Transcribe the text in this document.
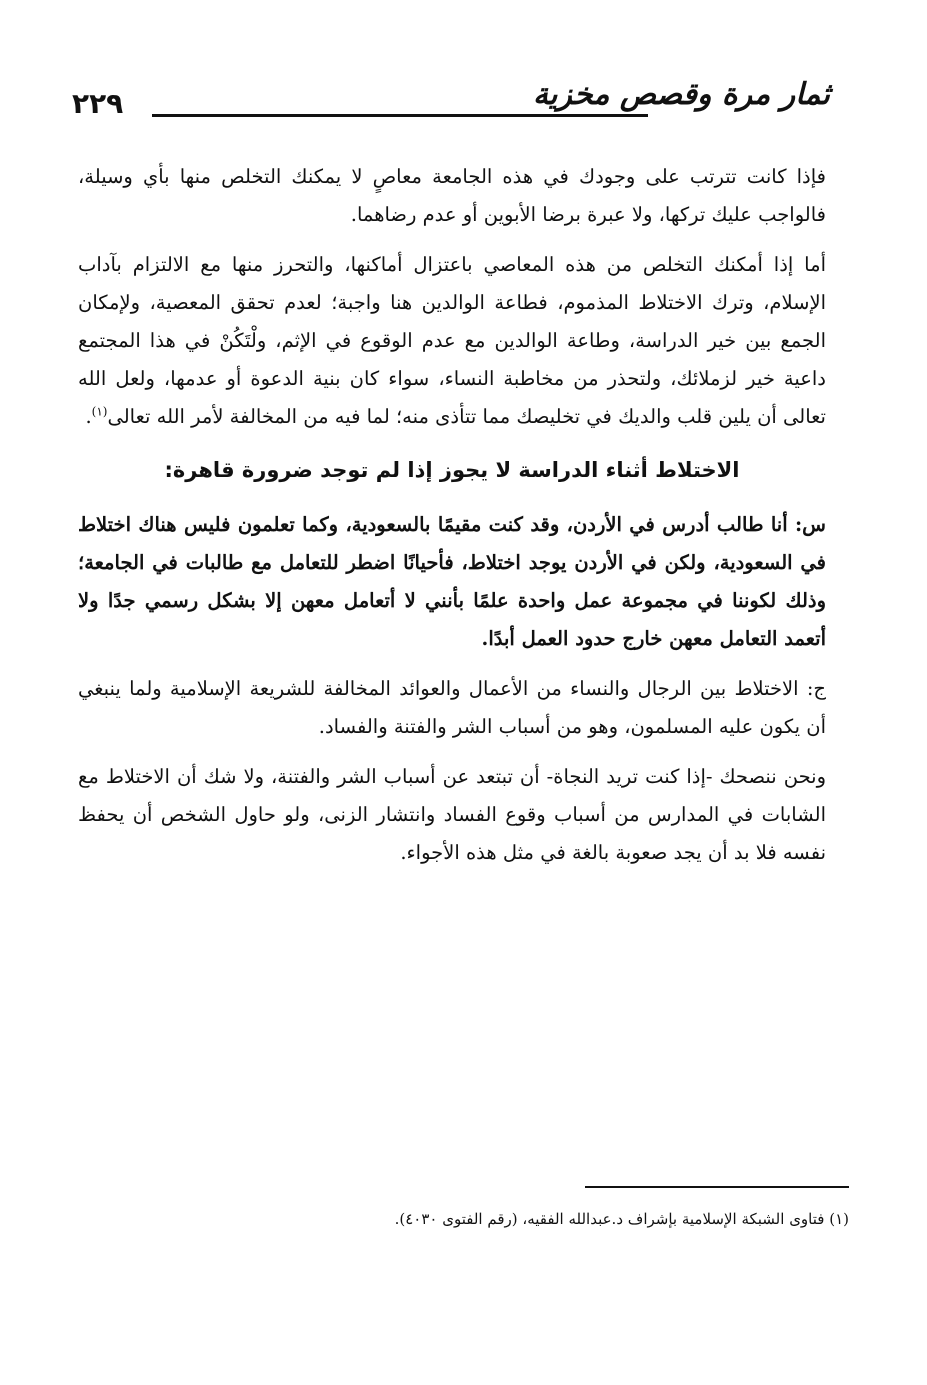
ثمار مرة وقصص مخزية
٢٢٩

فإذا كانت تترتب على وجودك في هذه الجامعة معاصٍ لا يمكنك التخلص منها بأي وسيلة، فالواجب عليك تركها، ولا عبرة برضا الأبوين أو عدم رضاهما.

أما إذا أمكنك التخلص من هذه المعاصي باعتزال أماكنها، والتحرز منها مع الالتزام بآداب الإسلام، وترك الاختلاط المذموم، فطاعة الوالدين هنا واجبة؛ لعدم تحقق المعصية، ولإمكان الجمع بين خير الدراسة، وطاعة الوالدين مع عدم الوقوع في الإثم، ولْتَكُنْ في هذا المجتمع داعية خير لزملائك، ولتحذر من مخاطبة النساء، سواء كان بنية الدعوة أو عدمها، ولعل الله تعالى أن يلين قلب والديك في تخليصك مما تتأذى منه؛ لما فيه من المخالفة لأمر الله تعالى$^{(١)}$.

الاختلاط أثناء الدراسة لا يجوز إذا لم توجد ضرورة قاهرة:

س: أنا طالب أدرس في الأردن، وقد كنت مقيمًا بالسعودية، وكما تعلمون فليس هناك اختلاط في السعودية، ولكن في الأردن يوجد اختلاط، فأحيانًا اضطر للتعامل مع طالبات في الجامعة؛ وذلك لكوننا في مجموعة عمل واحدة علمًا بأنني لا أتعامل معهن إلا بشكل رسمي جدًا ولا أتعمد التعامل معهن خارج حدود العمل أبدًا.

ج: الاختلاط بين الرجال والنساء من الأعمال والعوائد المخالفة للشريعة الإسلامية ولما ينبغي أن يكون عليه المسلمون، وهو من أسباب الشر والفتنة والفساد.

ونحن ننصحك -إذا كنت تريد النجاة- أن تبتعد عن أسباب الشر والفتنة، ولا شك أن الاختلاط مع الشابات في المدارس من أسباب وقوع الفساد وانتشار الزنى، ولو حاول الشخص أن يحفظ نفسه فلا بد أن يجد صعوبة بالغة في مثل هذه الأجواء.

(١) فتاوى الشبكة الإسلامية بإشراف د.عبدالله الفقيه، (رقم الفتوى ٤٠٣٠).
